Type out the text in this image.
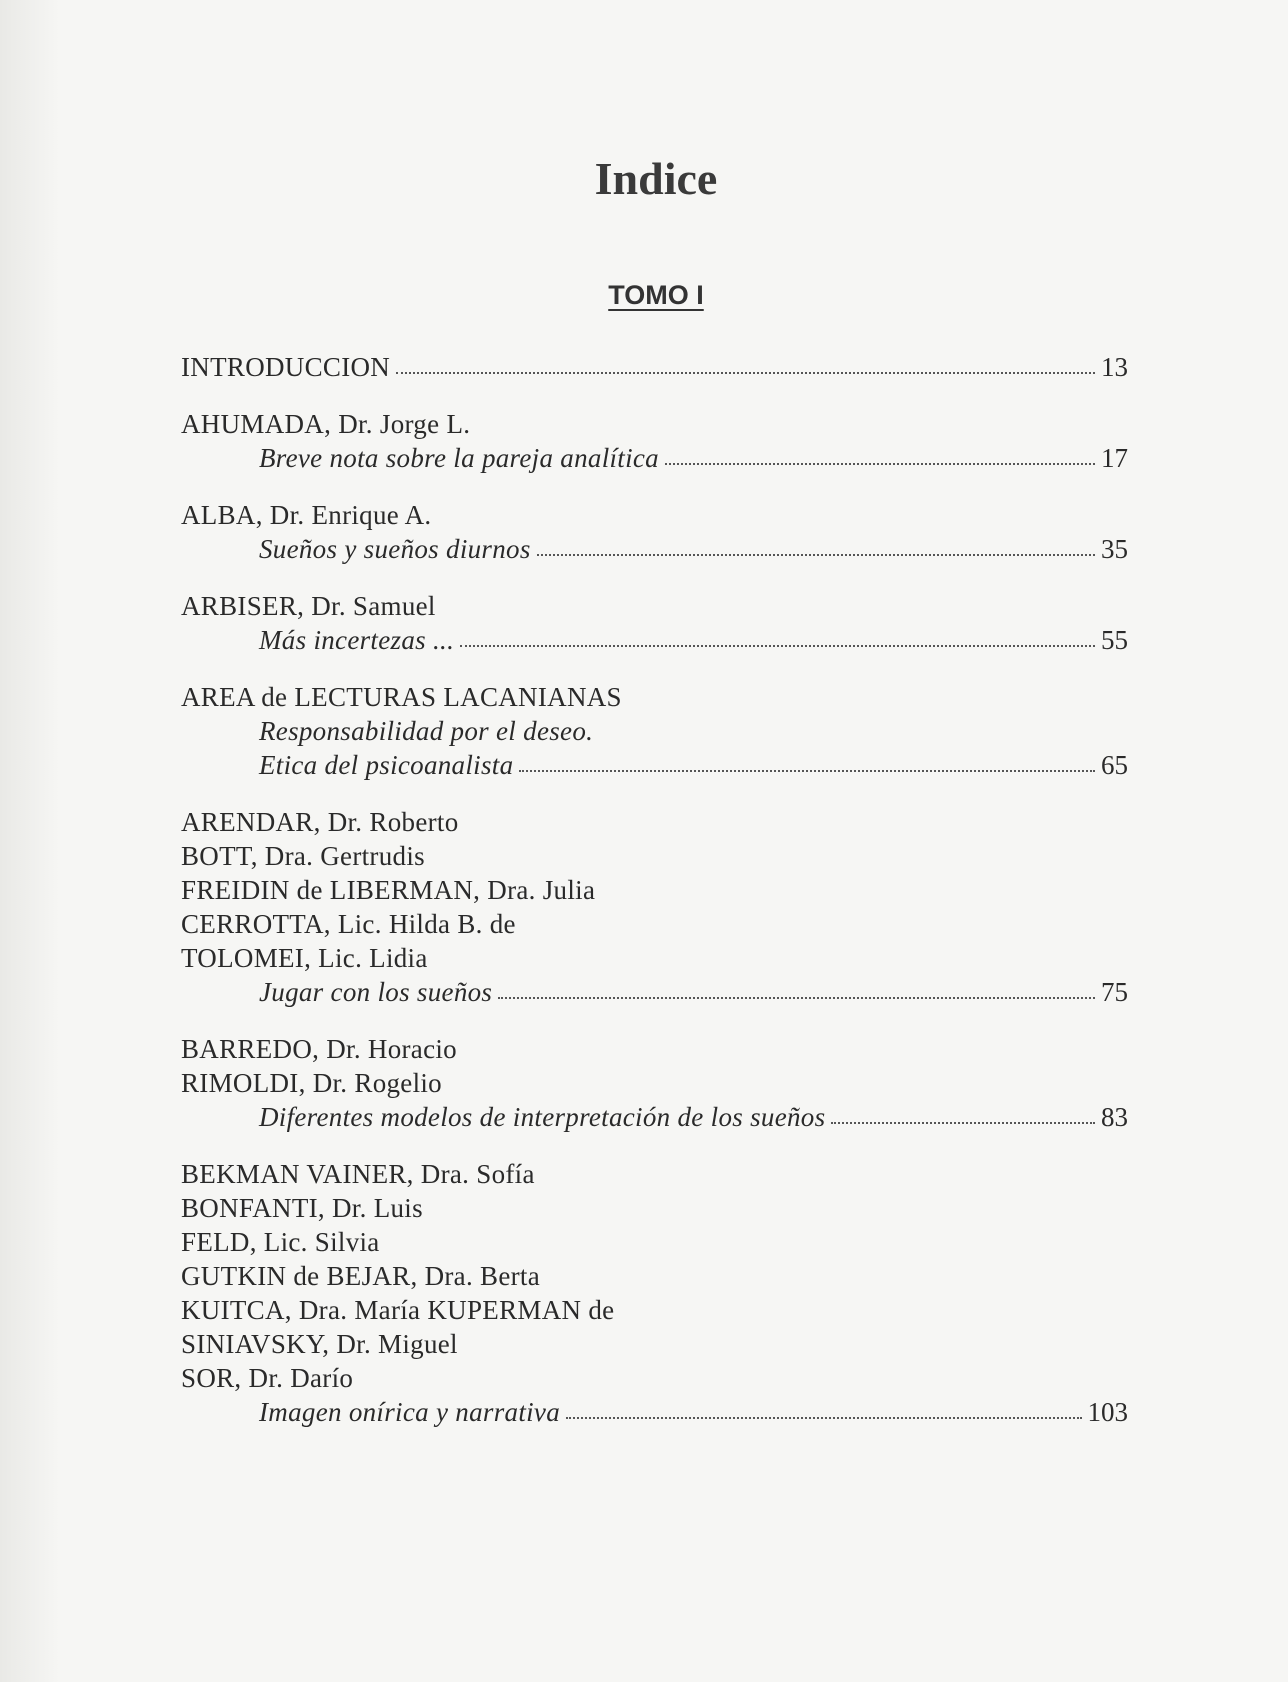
Indice
TOMO I
INTRODUCCION	13
AHUMADA, Dr. Jorge L.
Breve nota sobre la pareja analítica	17
ALBA, Dr. Enrique A.
Sueños y sueños diurnos	35
ARBISER, Dr. Samuel
Más incertezas ...	55
AREA de LECTURAS LACANIANAS
Responsabilidad por el deseo.
Etica del psicoanalista	65
ARENDAR, Dr. Roberto
BOTT, Dra. Gertrudis
FREIDIN de LIBERMAN, Dra. Julia
CERROTTA, Lic. Hilda B. de
TOLOMEI, Lic. Lidia
Jugar con los sueños	75
BARREDO, Dr. Horacio
RIMOLDI, Dr. Rogelio
Diferentes modelos de interpretación de los sueños	83
BEKMAN VAINER, Dra. Sofía
BONFANTI, Dr. Luis
FELD, Lic. Silvia
GUTKIN de BEJAR, Dra. Berta
KUITCA, Dra. María KUPERMAN de
SINIAVSKY, Dr. Miguel
SOR, Dr. Darío
Imagen onírica y narrativa	103
